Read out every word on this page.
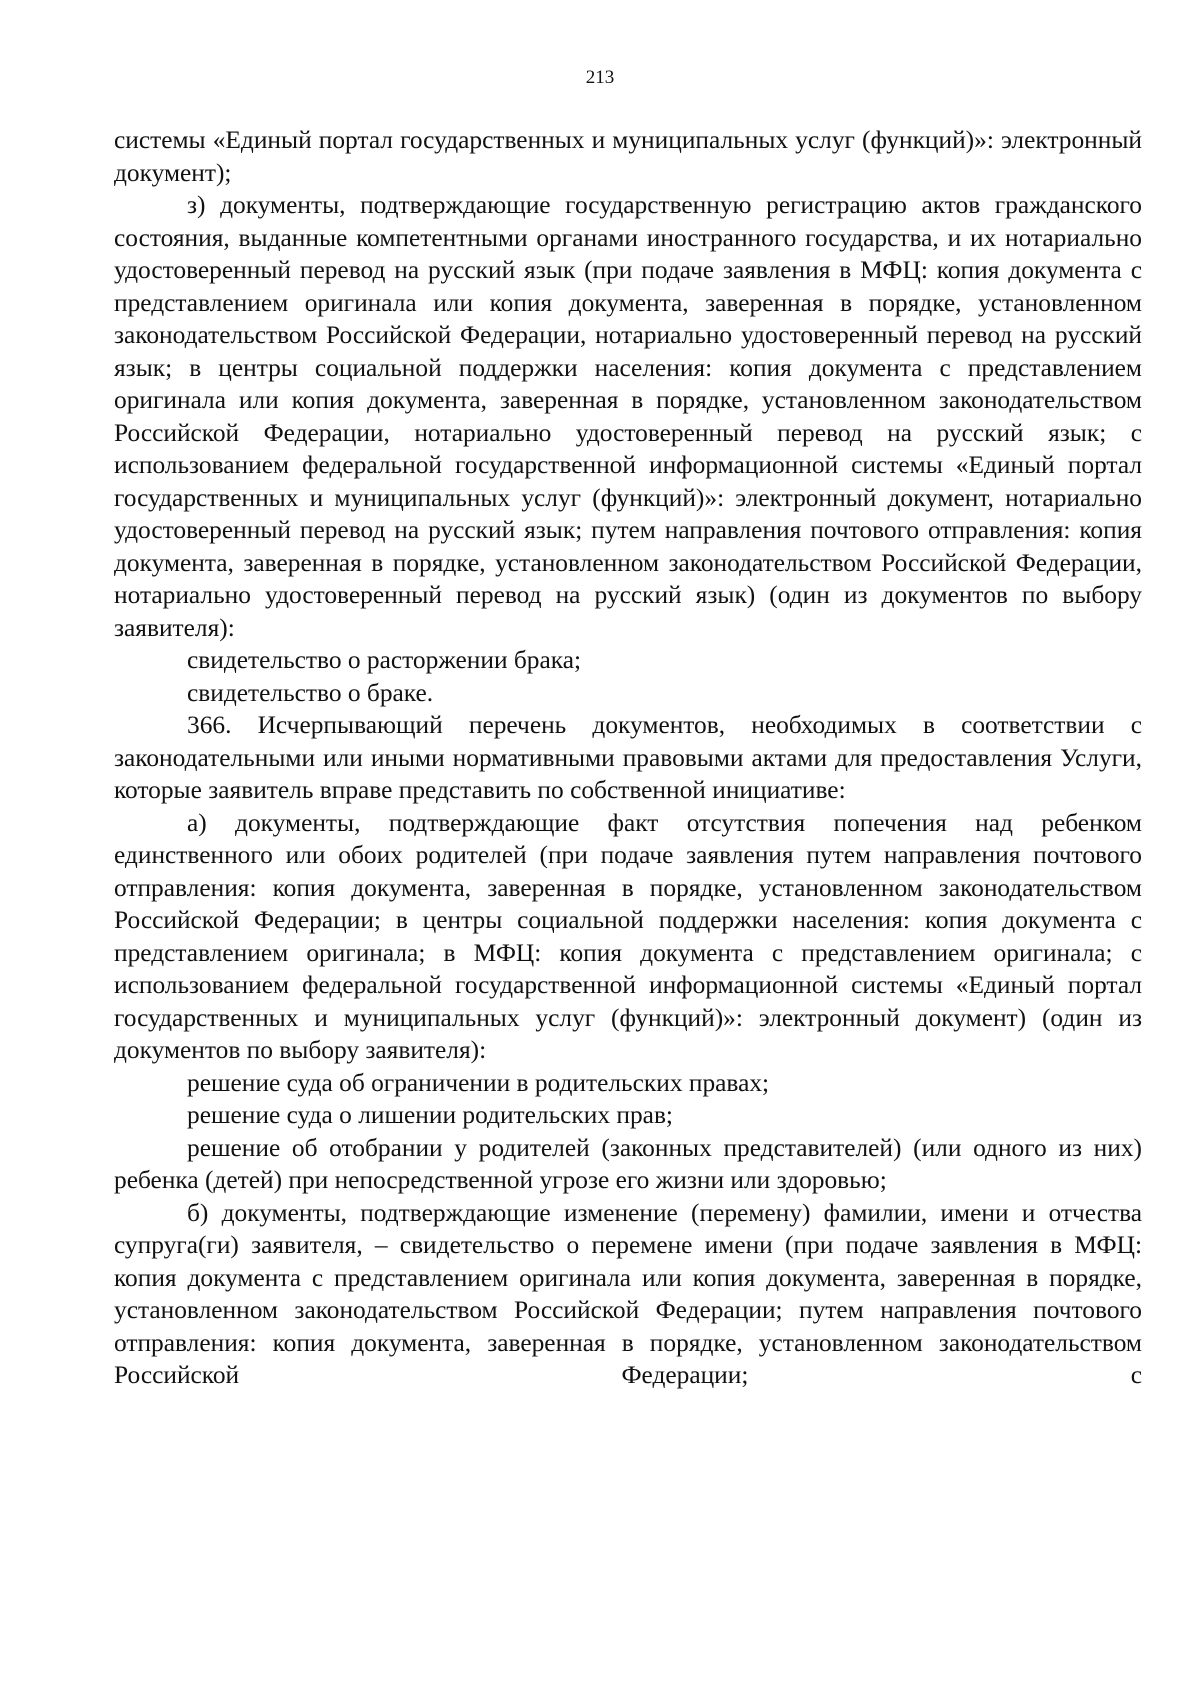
213

системы «Единый портал государственных и муниципальных услуг (функций)»: электронный документ);

з) документы, подтверждающие государственную регистрацию актов гражданского состояния, выданные компетентными органами иностранного государства, и их нотариально удостоверенный перевод на русский язык (при подаче заявления в МФЦ: копия документа с представлением оригинала или копия документа, заверенная в порядке, установленном законодательством Российской Федерации, нотариально удостоверенный перевод на русский язык; в центры социальной поддержки населения: копия документа с представлением оригинала или копия документа, заверенная в порядке, установленном законодательством Российской Федерации, нотариально удостоверенный перевод на русский язык; с использованием федеральной государственной информационной системы «Единый портал государственных и муниципальных услуг (функций)»: электронный документ, нотариально удостоверенный перевод на русский язык; путем направления почтового отправления: копия документа, заверенная в порядке, установленном законодательством Российской Федерации, нотариально удостоверенный перевод на русский язык) (один из документов по выбору заявителя):

свидетельство о расторжении брака;

свидетельство о браке.

366. Исчерпывающий перечень документов, необходимых в соответствии с законодательными или иными нормативными правовыми актами для предоставления Услуги, которые заявитель вправе представить по собственной инициативе:

а) документы, подтверждающие факт отсутствия попечения над ребенком единственного или обоих родителей (при подаче заявления путем направления почтового отправления: копия документа, заверенная в порядке, установленном законодательством Российской Федерации; в центры социальной поддержки населения: копия документа с представлением оригинала; в МФЦ: копия документа с представлением оригинала; с использованием федеральной государственной информационной системы «Единый портал государственных и муниципальных услуг (функций)»: электронный документ) (один из документов по выбору заявителя):

решение суда об ограничении в родительских правах;

решение суда о лишении родительских прав;

решение об отобрании у родителей (законных представителей) (или одного из них) ребенка (детей) при непосредственной угрозе его жизни или здоровью;

б) документы, подтверждающие изменение (перемену) фамилии, имени и отчества супруга(ги) заявителя, – свидетельство о перемене имени (при подаче заявления в МФЦ: копия документа с представлением оригинала или копия документа, заверенная в порядке, установленном законодательством Российской Федерации; путем направления почтового отправления: копия документа, заверенная в порядке, установленном законодательством Российской Федерации; с
